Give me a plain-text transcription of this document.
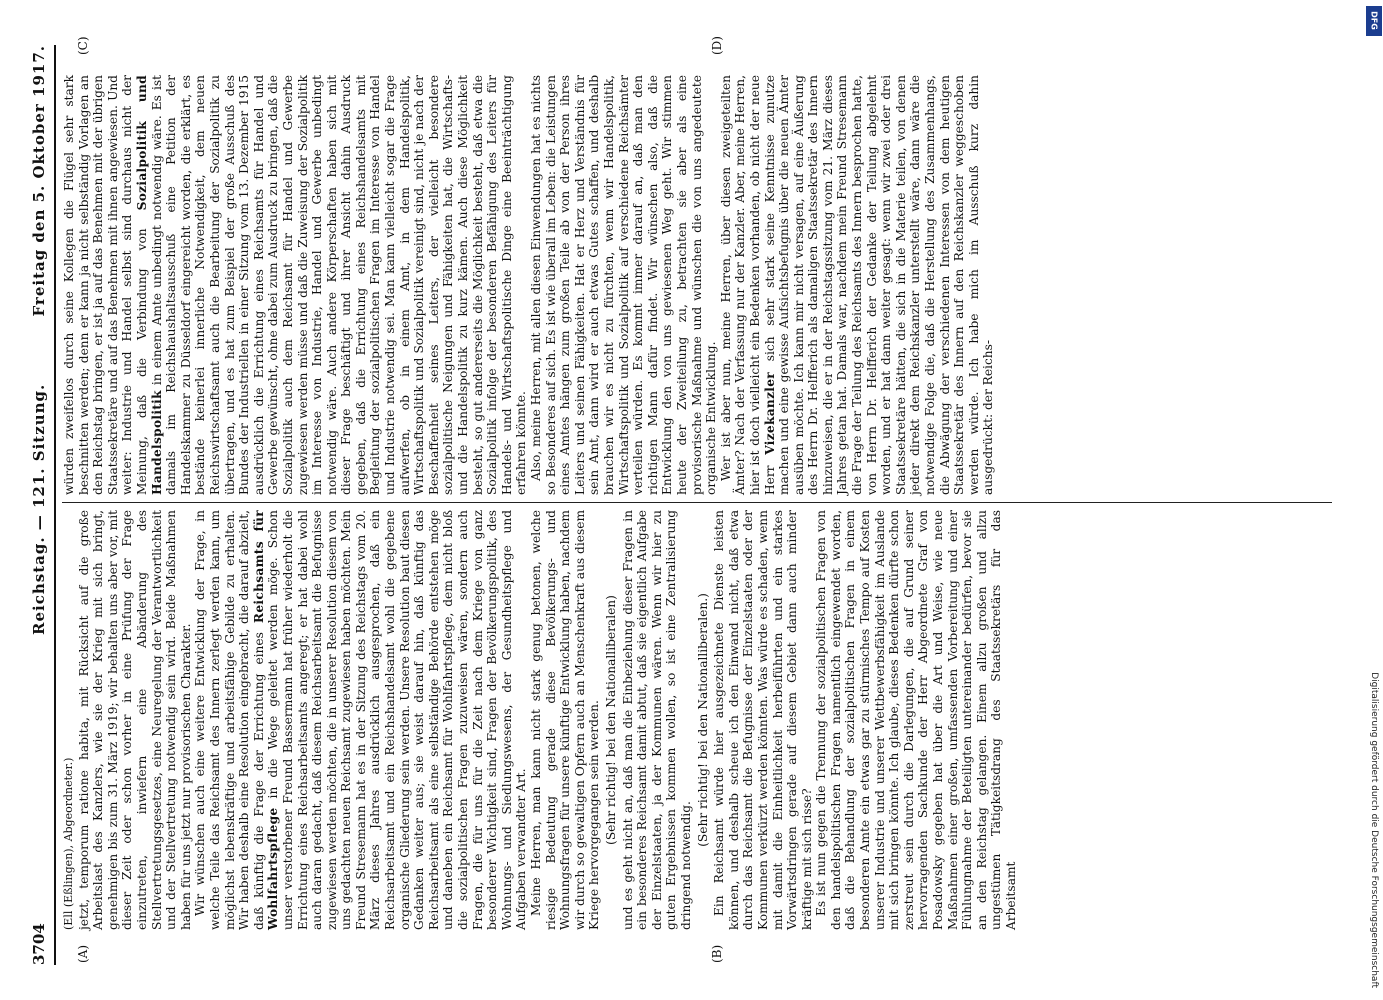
Digitalisierung gefördert durch die Deutsche Forschungsgemeinschaft
DFG
3704
Reichstag. — 121. Sitzung.
Freitag den 5. Oktober 1917.
(A)	(B)
(C)	(D)

(Ell (Eßlingen), Abgeordneter.) jetzt, temporum ratione habita, mit Rücksicht auf die große Arbeitslast des Kanzlers, wie sie der Krieg mit sich bringt, genehmigen bis zum 31. März 1919; wir behalten uns aber vor, mit dieser Zeit oder schon vorher in eine Prüfung der Frage einzutreten, inwiefern eine Abänderung des Stellvertretungsgesetzes, eine Neuregelung der Verantwortlichkeit und der Stellvertretung notwendig sein wird. Beide Maßnahmen haben für uns jetzt nur provisorischen Charakter. Wir wünschen auch eine weitere Entwicklung der Frage, in welche Teile das Reichsamt des Innern zerlegt werden kann, um möglichst lebenskräftige und arbeitsfähige Gebilde zu erhalten. Wir haben deshalb eine Resolution eingebracht, die darauf abzielt, daß künftig die Frage der Errichtung eines Reichsamts für Wohlfahrtspflege in die Wege geleitet werden möge. Schon unser verstorbener Freund Bassermann hat früher wiederholt die Errichtung eines Reichsarbeitsamts angeregt; er hat dabei wohl auch daran gedacht, daß diesem Reichsarbeitsamt die Befugnisse zugewiesen werden möchten, die in unserer Resolution diesem von uns gedachten neuen Reichsamt zugewiesen haben möchten. Mein Freund Stresemann hat es in der Sitzung des Reichstags vom 20. März dieses Jahres ausdrücklich ausgesprochen, daß ein Reichsarbeitsamt und ein Reichshandelsamt wohl die gegebene organische Gliederung sein werden. Unsere Resolution baut diesen Gedanken weiter aus; sie weist darauf hin, daß künftig das Reichsarbeitsamt als eine selbständige Behörde entstehen möge und daneben ein Reichsamt für Wohlfahrtspflege, dem nicht bloß die sozialpolitischen Fragen zuzuweisen wären, sondern auch Fragen, die für uns für die Zeit nach dem Kriege von ganz besonderer Wichtigkeit sind, Fragen der Bevölkerungspolitik, des Wohnungs- und Siedlungswesens, der Gesundheitspflege und Aufgaben verwandter Art. Meine Herren, man kann nicht stark genug betonen, welche riesige Bedeutung gerade diese Bevölkerungs- und Wohnungsfragen für unsere künftige Entwicklung haben, nachdem wir durch so gewaltigen Opfern auch an Menschenkraft aus diesem Kriege hervorgegangen sein werden. (Sehr richtig! bei den Nationalliberalen) und es geht nicht an, daß man die Einbeziehung dieser Fragen in ein besonderes Reichsamt damit abtut, daß sie eigentlich Aufgabe der Einzelstaaten, ja der Kommunen wären. Wenn wir hier zu guten Ergebnissen kommen wollen, so ist eine Zentralisierung dringend notwendig.

(Sehr richtig! bei den Nationalliberalen.) Ein Reichsamt würde hier ausgezeichnete Dienste leisten können, und deshalb scheue ich den Einwand nicht, daß etwa durch das Reichsamt die Befugnisse der Einzelstaaten oder der Kommunen verkürzt werden könnten. Was würde es schaden, wenn mit damit die Einheitlichkeit herbeiführten und ein starkes Vorwärtsdringen gerade auf diesem Gebiet dann auch minder kräftige mit sich risse? Es ist nun gegen die Trennung der sozialpolitischen Fragen von den handelspolitischen Fragen namentlich eingewendet worden, daß die Behandlung der sozialpolitischen Fragen in einem besonderen Amte ein etwas gar zu stürmisches Tempo auf Kosten unserer Industrie und unserer Wettbewerbsfähigkeit im Auslande mit sich bringen könnte. Ich glaube, dieses Bedenken dürfte schon zerstreut sein durch die Darlegungen, die auf Grund seiner hervorragenden Sachkunde der Herr Abgeordnete Graf von Posadowsky gegeben hat über die Art und Weise, wie neue Maßnahmen einer großen, umfassenden Vorbereitung und einer Fühlungnahme der Beteiligten untereinander bedürfen, bevor sie an den Reichstag gelangen. Einem allzu großen und allzu ungestümen Tätigkeitsdrang des Staatssekretärs für das Arbeitsamt

würden zweifellos durch seine Kollegen die Flügel sehr stark beschnitten werden; denn er kann ja nicht selbständig Vorlagen an den Reichstag bringen, er ist ja auf das Benehmen mit der übrigen Staatssekretäre und auf das Benehmen mit ihnen angewiesen. Und weiter: Industrie und Handel selbst sind durchaus nicht der Meinung, daß die Verbindung von Sozialpolitik und Handelspolitik in einem Amte unbedingt notwendig wäre. Es ist damals im Reichshaushaltsausschuß eine Petition der Handelskammer zu Düsseldorf eingereicht worden, die erklärt, es bestände keinerlei innerliche Notwendigkeit, dem neuen Reichswirtschaftsamt auch die Bearbeitung der Sozialpolitik zu übertragen, und es hat zum Beispiel der große Ausschuß des Bundes der Industriellen in einer Sitzung vom 13. Dezember 1915 ausdrücklich die Errichtung eines Reichsamts für Handel und Gewerbe gewünscht, ohne dabei zum Ausdruck zu bringen, daß die Sozialpolitik auch dem Reichsamt für Handel und Gewerbe zugewiesen werden müsse und daß die Zuweisung der Sozialpolitik im Interesse von Industrie, Handel und Gewerbe unbedingt notwendig wäre. Auch andere Körperschaften haben sich mit dieser Frage beschäftigt und ihrer Ansicht dahin Ausdruck gegeben, daß die Errichtung eines Reichshandelsamts mit Begleitung der sozialpolitischen Fragen im Interesse von Handel und Industrie notwendig sei. Man kann vielleicht sogar die Frage aufwerfen, ob in einem Amt, in dem Handelspolitik, Wirtschaftspolitik und Sozialpolitik vereinigt sind, nicht je nach der Beschaffenheit seines Leiters, der vielleicht besondere sozialpolitische Neigungen und Fähigkeiten hat, die Wirtschafts- und die Handelspolitik zu kurz kämen. Auch diese Möglichkeit besteht, so gut andererseits die Möglichkeit besteht, daß etwa die Sozialpolitik infolge der besonderen Befähigung des Leiters für Handels- und Wirtschaftspolitische Dinge eine Beeinträchtigung erfahren könnte. Also, meine Herren, mit allen diesen Einwendungen hat es nichts so Besonderes auf sich. Es ist wie überall im Leben: die Leistungen eines Amtes hängen zum großen Teile ab von der Person ihres Leiters und seinen Fähigkeiten. Hat er Herz und Verständnis für sein Amt, dann wird er auch etwas Gutes schaffen, und deshalb brauchen wir es nicht zu fürchten, wenn wir Handelspolitik, Wirtschaftspolitik und Sozialpolitik auf verschiedene Reichsämter verteilen würden. Es kommt immer darauf an, daß man den richtigen Mann dafür findet. Wir wünschen also, daß die Entwicklung den von uns gewiesenen Weg geht. Wir stimmen heute der Zweiteilung zu, betrachten sie aber als eine provisorische Maßnahme und wünschen die von uns angedeutete organische Entwicklung. Wer ist aber nun, meine Herren, über diesen zweigeteilten Ämter? Nach der Verfassung nur der Kanzler. Aber, meine Herren, hier ist doch vielleicht ein Bedenken vorhanden, ob nicht der neue Herr Vizekanzler sich sehr stark seine Kenntnisse zunutze machen und eine gewisse Aufsichtsbefugnis über die neuen Ämter ausüben möchte. Ich kann mir nicht versagen, auf eine Äußerung des Herrn Dr. Helfferich als damaligen Staatssekretär des Innern hinzuweisen, die er in der Reichstagssitzung vom 21. März dieses Jahres getan hat. Damals war, nachdem mein Freund Stresemann die Frage der Teilung des Reichsamts des Innern besprochen hatte, von Herrn Dr. Helfferich der Gedanke der Teilung abgelehnt worden, und er hat dann weiter gesagt: wenn wir zwei oder drei Staatssekretäre hätten, die sich in die Materie teilen, von denen jeder direkt dem Reichskanzler unterstellt wäre, dann wäre die notwendige Folge die, daß die Herstellung des Zusammenhangs, die Abwägung der verschiedenen Interessen von dem heutigen Staatssekretär des Innern auf den Reichskanzler weggeschoben werden würde. Ich habe mich im Ausschuß kurz dahin ausgedrückt: der Reichs-
